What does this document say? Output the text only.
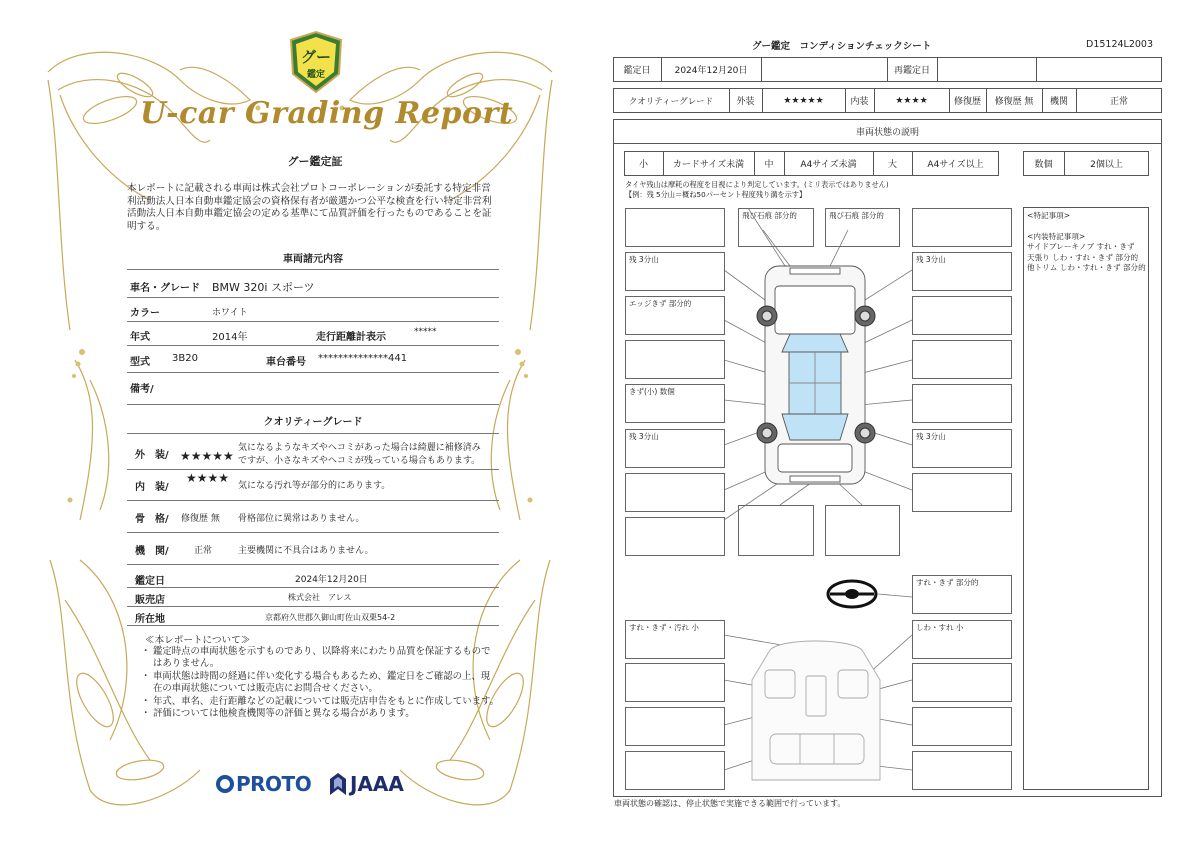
グー
鑑定
U-car Grading Report
グー鑑定証
本レポートに記載される車両は株式会社プロトコーポレーションが委託する特定非営利活動法人日本自動車鑑定協会の資格保有者が厳選かつ公平な検査を行い特定非営利活動法人日本自動車鑑定協会の定める基準にて品質評価を行ったものであることを証明する。
車両諸元内容
車名・グレード BMW 320i スポーツ
カラー	ホワイト
年式	2014年	走行距離計表示	*****
型式 3B20	車台番号 **************441
備考/
クオリティーグレード
外　装/ ★★★★★
気になるようなキズやヘコミがあった場合は綺麗に補修済み
ですが、小さなキズやヘコミが残っている場合もあります。
内　装/
★★★★
気になる汚れ等が部分的にあります。
骨　格/ 修復歴 無 骨格部位に異常はありません。
機　関/	正常	主要機関に不具合はありません。
鑑定日	2024年12月20日
販売店	株式会社　アレス
所在地	京都府久世郡久御山町佐山双栗54-2
≪本レポートについて≫
・ 鑑定時点の車両状態を示すものであり、以降将来にわたり品質を保証するものではありません。
・ 車両状態は時間の経過に伴い変化する場合もあるため、鑑定日をご確認の上、現在の車両状態については販売店にお問合せください。
・ 年式、車名、走行距離などの記載については販売店申告をもとに作成しています。
・ 評価については他検査機関等の評価と異なる場合があります。
PROTO	JAAA
グー鑑定　コンディションチェックシート	D15124L2003
鑑定日	2024年12月20日	再鑑定日
クオリティーグレード	外装	★★★★★	内装	★★★★	修復歴	修復歴 無	機関	正常
車両状態の説明
小	カードサイズ未満	中	A4サイズ未満	大	A4サイズ以上	数個	2個以上
タイヤ残山は摩耗の程度を目視により判定しています。(ミリ表示ではありません)
【例：残 5分山＝概ね50パーセント程度残り溝を示す】
飛び石痕 部分的	飛び石痕 部分的
残 3分山	残 3分山
エッジきず 部分的
きず(小) 数個
残 3分山	残 3分山
すれ・きず 部分的
すれ・きず・汚れ 小	しわ・すれ 小
<特記事項>
<内装特記事項>
サイドブレーキノブ すれ・きず
天張り しわ・すれ・きず 部分的
他トリム しわ・すれ・きず 部分的
車両状態の確認は、停止状態で実施できる範囲で行っています。
